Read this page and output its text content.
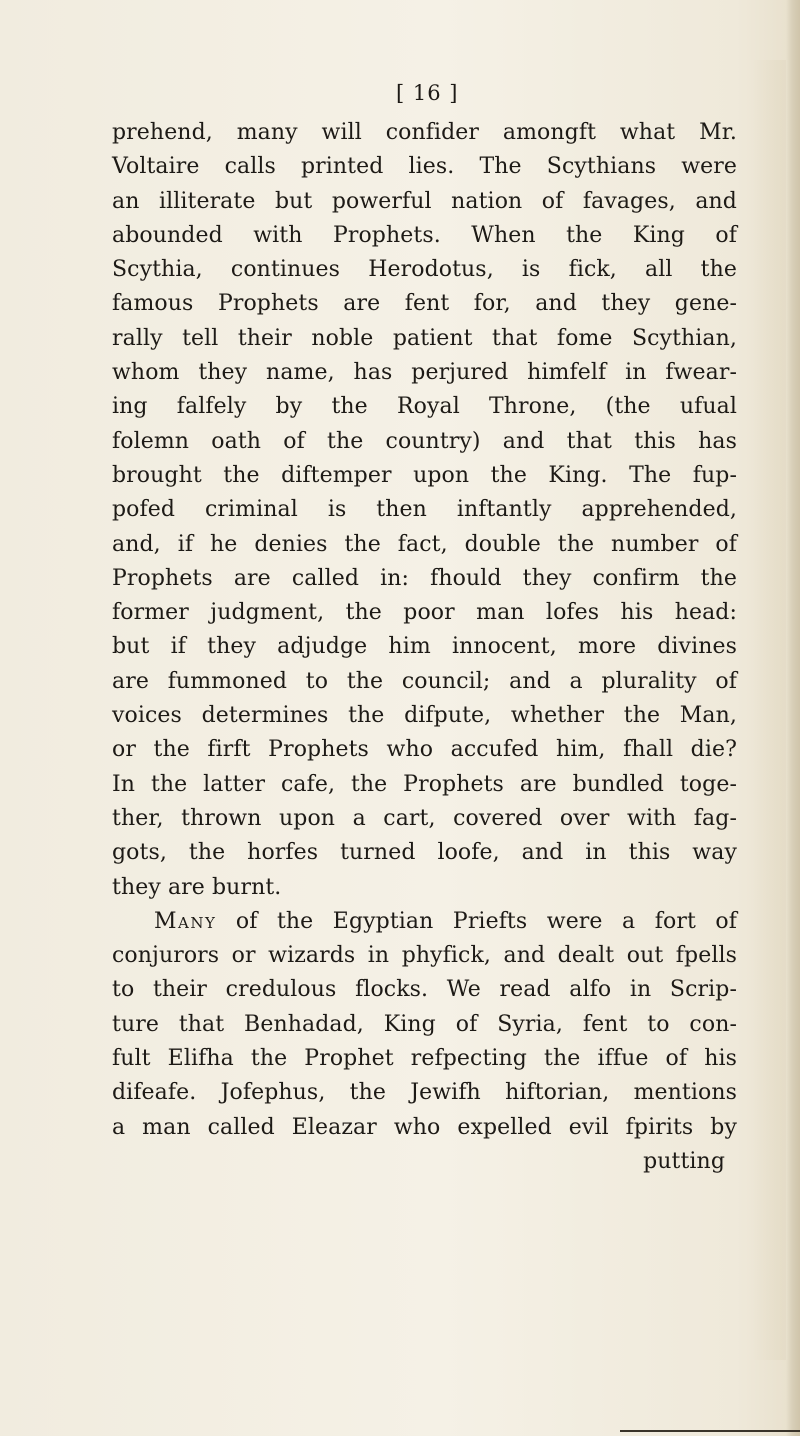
[ 16 ]
prehend, many will confider amongft what Mr.
Voltaire calls printed lies. The Scythians were
an illiterate but powerful nation of favages, and
abounded with Prophets. When the King of
Scythia, continues Herodotus, is fick, all the
famous Prophets are fent for, and they gene-
rally tell their noble patient that fome Scythian,
whom they name, has perjured himfelf in fwear-
ing falfely by the Royal Throne, (the ufual
folemn oath of the country) and that this has
brought the diftemper upon the King. The fup-
pofed criminal is then inftantly apprehended,
and, if he denies the fact, double the number of
Prophets are called in: fhould they confirm the
former judgment, the poor man lofes his head:
but if they adjudge him innocent, more divines
are fummoned to the council; and a plurality of
voices determines the difpute, whether the Man,
or the firft Prophets who accufed him, fhall die?
In the latter cafe, the Prophets are bundled toge-
ther, thrown upon a cart, covered over with fag-
gots, the horfes turned loofe, and in this way
they are burnt.
Many of the Egyptian Priefts were a fort of
conjurors or wizards in phyfick, and dealt out fpells
to their credulous flocks. We read alfo in Scrip-
ture that Benhadad, King of Syria, fent to con-
fult Elifha the Prophet refpecting the iffue of his
difeafe. Jofephus, the Jewifh hiftorian, mentions
a man called Eleazar who expelled evil fpirits by
putting
